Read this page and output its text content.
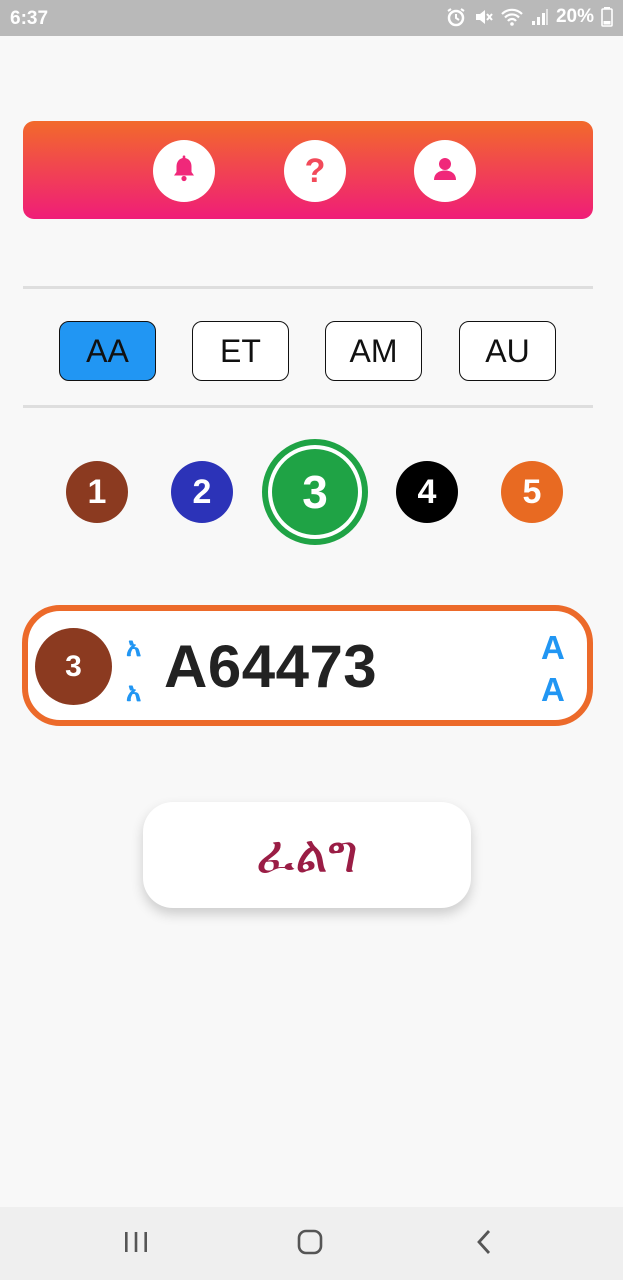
6:37	20%
?
AA	ET	AM	AU
1	2	3	4	5
3
አ
አ A64473	A
A
ፈልግ
